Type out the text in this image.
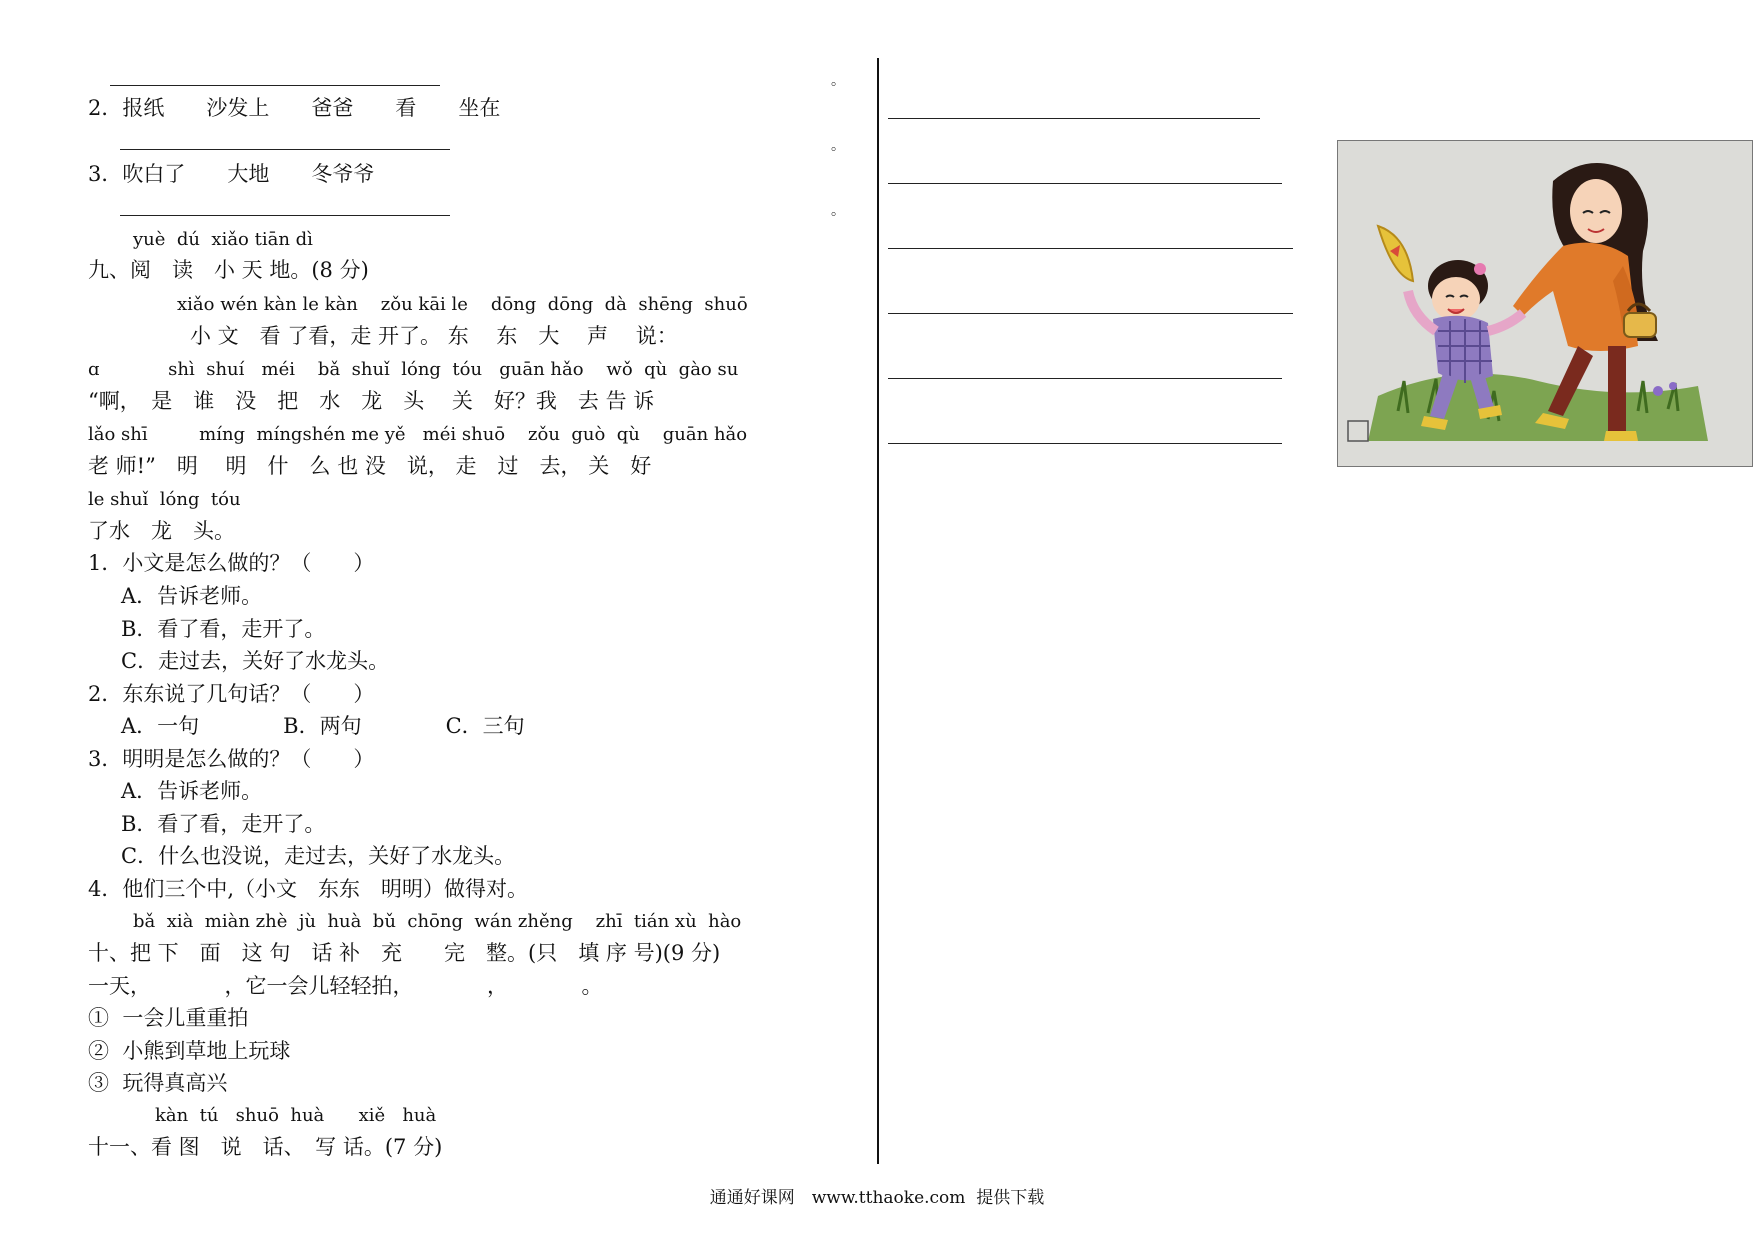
2．报纸　　沙发上　　爸爸　　看　　坐在
3．吹白了　　大地　　冬爷爷
yuè  dú  xiǎo tiān dì
九、阅　读　小 天 地。(8 分)
xiǎo wén kàn le kàn    zǒu kāi le    dōng  dōng  dà  shēng  shuō
小 文　看 了看，走 开了。 东　 东　大　 声　 说：
ɑ            shì  shuí   méi    bǎ  shuǐ  lóng  tóu   guān hǎo    wǒ  qù  gào su
“啊，　是　谁　没　把　水　龙　头　 关　好？我　去 告 诉
lǎo shī         míng  míngshén me yě   méi shuō    zǒu  guò  qù    guān hǎo
老 师!”　明　 明　什　么 也 没　说， 走　过　去， 关　好
le shuǐ  lóng  tóu
了水　龙　头。
1．小文是怎么做的？（　　）
A．告诉老师。
B．看了看，走开了。
C．走过去，关好了水龙头。
2．东东说了几句话？（　　）
A．一句　　　　B．两句　　　　C．三句
3．明明是怎么做的？（　　）
A．告诉老师。
B．看了看，走开了。
C．什么也没说，走过去，关好了水龙头。
4．他们三个中,（小文　东东　明明）做得对。
bǎ  xià  miàn zhè  jù  huà  bǔ  chōng  wán zhěng    zhī  tián xù  hào
十、把 下　面　这 句　话 补　充　　完　整。(只　填 序 号)(9 分)
一天，　　　　，它一会儿轻轻拍，　　　　，　　　　。
①  一会儿重重拍
②  小熊到草地上玩球
③  玩得真高兴
kàn  tú   shuō  huà      xiě   huà
十一、看 图　说　话、　写 话。(7 分)
。
。
。
通通好课网　www.tthaoke.com  提供下载
